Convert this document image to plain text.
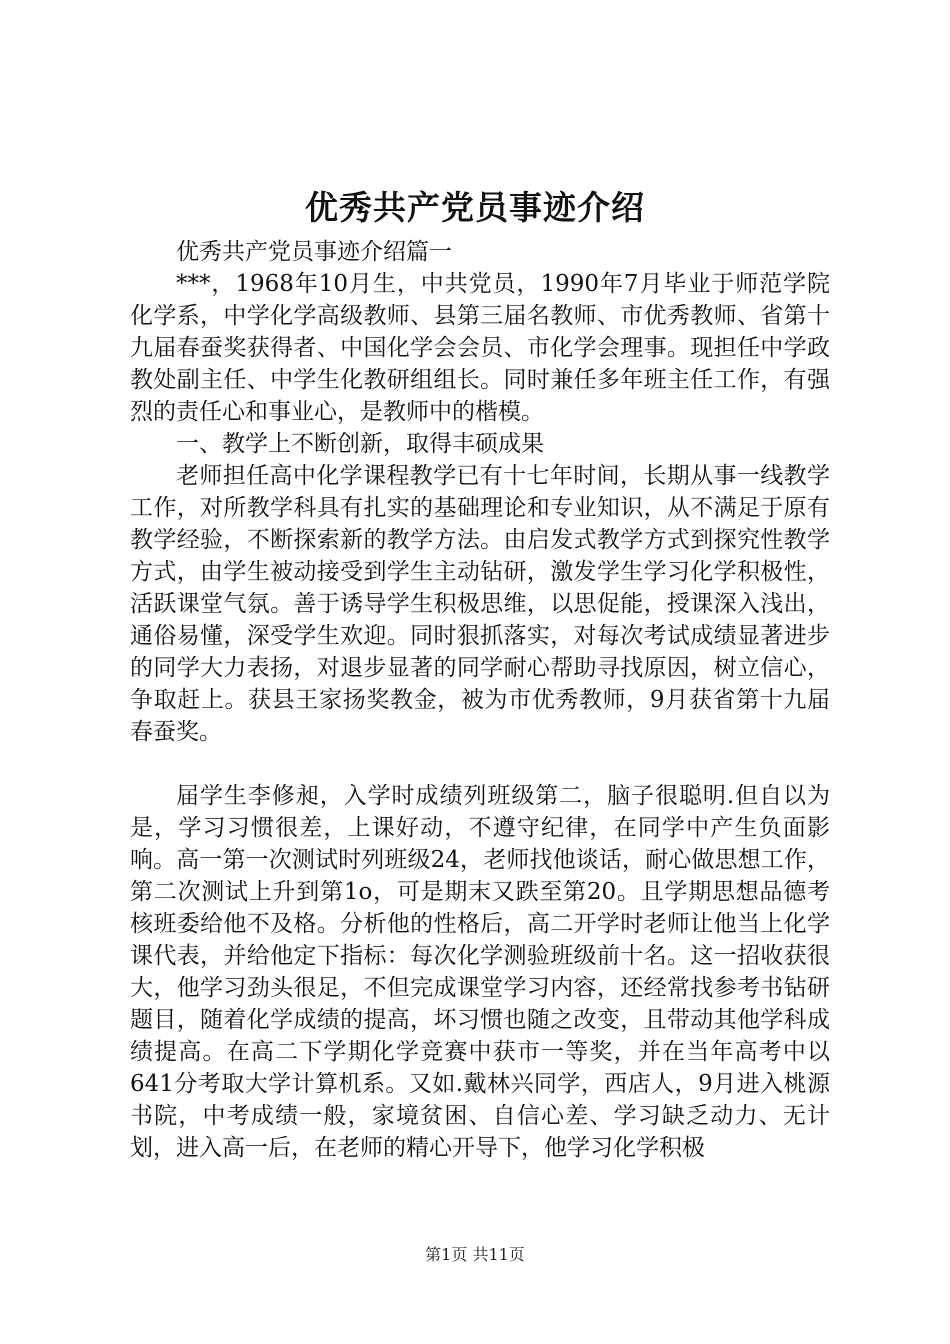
优秀共产党员事迹介绍

优秀共产党员事迹介绍篇一

***，1968年10月生，中共党员，1990年7月毕业于师范学院化学系，中学化学高级教师、县第三届名教师、市优秀教师、省第十九届春蚕奖获得者、中国化学会会员、市化学会理事。现担任中学政教处副主任、中学生化教研组组长。同时兼任多年班主任工作，有强烈的责任心和事业心，是教师中的楷模。

一、教学上不断创新，取得丰硕成果

老师担任高中化学课程教学已有十七年时间，长期从事一线教学工作，对所教学科具有扎实的基础理论和专业知识，从不满足于原有教学经验，不断探索新的教学方法。由启发式教学方式到探究性教学方式，由学生被动接受到学生主动钻研，激发学生学习化学积极性，活跃课堂气氛。善于诱导学生积极思维，以思促能，授课深入浅出，通俗易懂，深受学生欢迎。同时狠抓落实，对每次考试成绩显著进步的同学大力表扬，对退步显著的同学耐心帮助寻找原因，树立信心，争取赶上。获县王家扬奖教金，被为市优秀教师，9月获省第十九届春蚕奖。

届学生李修昶，入学时成绩列班级第二，脑子很聪明.但自以为是，学习习惯很差，上课好动，不遵守纪律，在同学中产生负面影响。高一第一次测试时列班级24，老师找他谈话，耐心做思想工作，第二次测试上升到第1o，可是期末又跌至第20。且学期思想品德考核班委给他不及格。分析他的性格后，高二开学时老师让他当上化学课代表，并给他定下指标：每次化学测验班级前十名。这一招收获很大，他学习劲头很足，不但完成课堂学习内容，还经常找参考书钻研题目，随着化学成绩的提高，坏习惯也随之改变，且带动其他学科成绩提高。在高二下学期化学竞赛中获市一等奖，并在当年高考中以641分考取大学计算机系。又如.戴林兴同学，西店人，9月进入桃源书院，中考成绩一般，家境贫困、自信心差、学习缺乏动力、无计划，进入高一后，在老师的精心开导下，他学习化学积极

第1页 共11页
